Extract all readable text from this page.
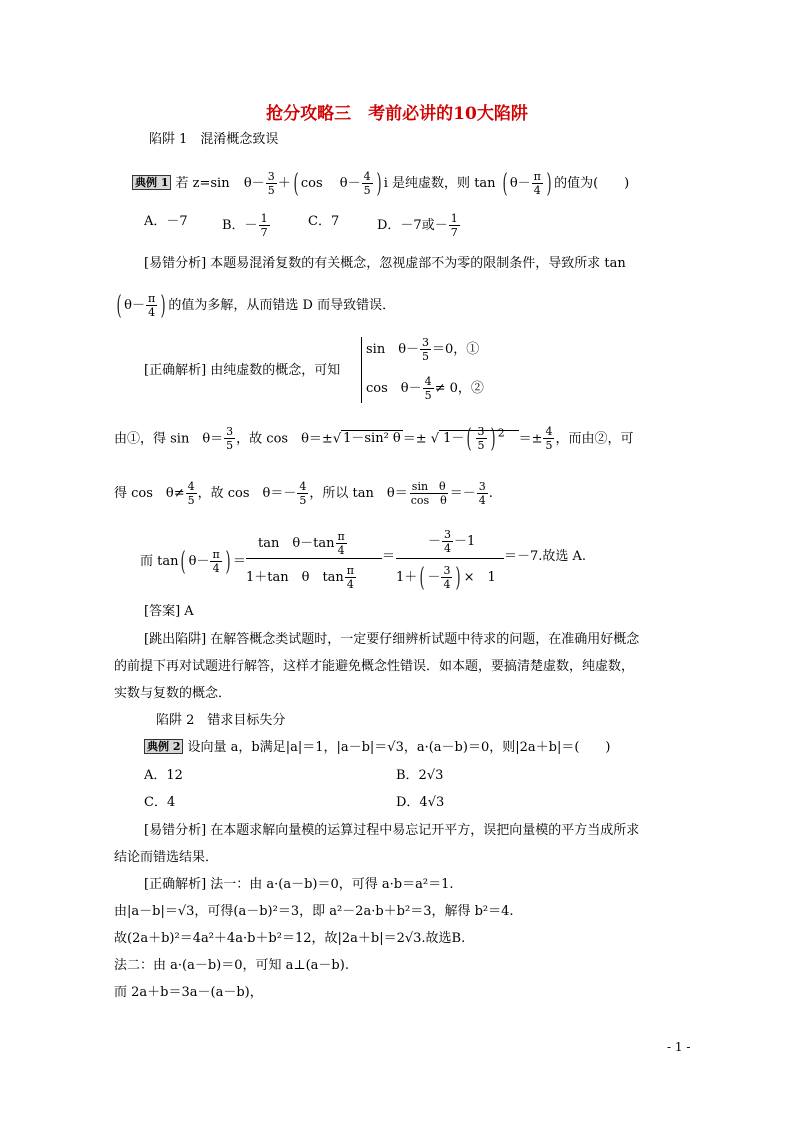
抢分攻略三　考前必讲的10大陷阱
陷阱 1　混淆概念致误
典例 1 若 z=sin $\theta- \frac{3}{5}$ ＋( cos 　 $\theta- \frac{4}{5}$ ) i 是纯虚数，则 tan ( $\theta- \frac{\pi}{4}$ ) 的值为(　　)
A．－7	B．－ $\frac{1}{7}$	C．7	D．－7或－ $\frac{1}{7}$
[易错分析] 本题易混淆复数的有关概念，忽视虚部不为零的限制条件，导致所求 tan
( $\theta- \frac{\pi}{4}$ ) 的值为多解，从而错选 D 而导致错误．
[正确解析] 由纯虚数的概念，可知
sin　$\theta- \frac{3}{5} =0$，①
cos　$\theta- \frac{4}{5} \ne 0$，②
由①，得 sin　$\theta= \frac{3}{5}$ ，故 cos　θ＝±√ 1－sin² θ ＝± √ $1-( \frac{3}{5}$ ) $^2 =\pm \frac{4}{5}$ ，而由②，可
得 cos　$\theta\ne \frac{4}{5}$ ，故 cos　$\theta=- \frac{4}{5}$ ，所以 tan　$\theta= \frac{\text{sin　θ}}{\text{cos　θ}} =- \frac{3}{4}$ .
而 tan( $\theta- \frac{\pi}{4}$ ) ＝
tan　$\theta-\tan \frac{\pi}{4}$
1＋tan　θ　$\tan \frac{\pi}{4}$
＝
－ $\frac{3}{4} -1$
$1+( - \frac{3}{4}$ ) ×　1
＝－7.故选 A.
[答案] A
[跳出陷阱] 在解答概念类试题时，一定要仔细辨析试题中待求的问题，在准确用好概念
的前提下再对试题进行解答，这样才能避免概念性错误．如本题，要搞清楚虚数，纯虚数，
实数与复数的概念．
陷阱 2　错求目标失分
典例 2 设向量 a，b满足|a|＝1，|a－b|＝√3，a·(a－b)＝0，则|2a＋b|＝(　　)
A．12	B．2√3
C．4	D．4√3
[易错分析] 在本题求解向量模的运算过程中易忘记开平方，误把向量模的平方当成所求
结论而错选结果．
[正确解析] 法一：由 a·(a－b)＝0，可得 a·b＝a²＝1.
由|a－b|＝√3，可得(a－b)²＝3，即 a²－2a·b＋b²＝3，解得 b²＝4.
故(2a＋b)²＝4a²＋4a·b＋b²＝12，故|2a＋b|＝2√3.故选B.
法二：由 a·(a－b)＝0，可知 a⊥(a－b).
而 2a＋b＝3a－(a－b)，
- 1 -
